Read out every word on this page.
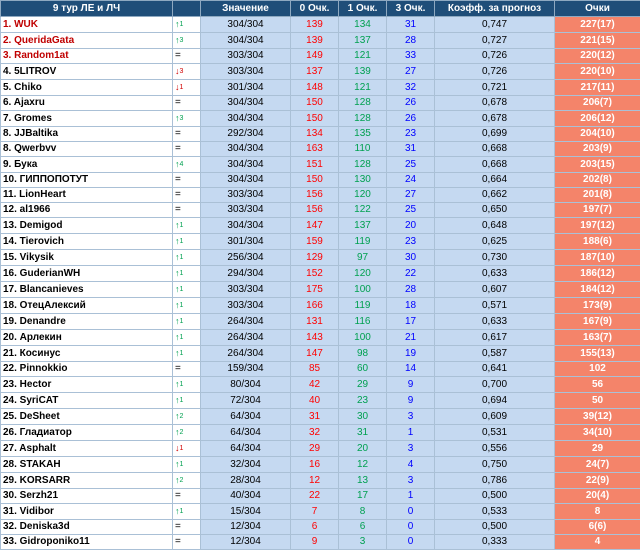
9 тур ЛЕ и ЛЧ		Значение	0 Очк.	1 Очк.	3 Очк.	Коэфф. за прогноз	Очки
1. WUK	↑1	304/304	139	134	31	0,747	227(17)
2. QueridaGata	↑3	304/304	139	137	28	0,727	221(15)
3. Random1at	=	303/304	149	121	33	0,726	220(12)
4. 5LITROV	↓3	303/304	137	139	27	0,726	220(10)
5. Chiko	↓1	301/304	148	121	32	0,721	217(11)
6. Ajaxru	=	304/304	150	128	26	0,678	206(7)
7. Gromes	↑3	304/304	150	128	26	0,678	206(12)
8. JJBaltika	=	292/304	134	135	23	0,699	204(10)
8. Qwerbvv	=	304/304	163	110	31	0,668	203(9)
9. Бука	↑4	304/304	151	128	25	0,668	203(15)
10. ГИППОПОТУТ	=	304/304	150	130	24	0,664	202(8)
11. LionHeart	=	303/304	156	120	27	0,662	201(8)
12. al1966	=	303/304	156	122	25	0,650	197(7)
13. Demigod	↑1	304/304	147	137	20	0,648	197(12)
14. Tierovich	↑1	301/304	159	119	23	0,625	188(6)
15. Vikysik	↑1	256/304	129	97	30	0,730	187(10)
16. GuderianWH	↑1	294/304	152	120	22	0,633	186(12)
17. Blancanieves	↑1	303/304	175	100	28	0,607	184(12)
18. ОтецАлексий	↑1	303/304	166	119	18	0,571	173(9)
19. Denandre	↑1	264/304	131	116	17	0,633	167(9)
20. Арлекин	↑1	264/304	143	100	21	0,617	163(7)
21. Косинус	↑1	264/304	147	98	19	0,587	155(13)
22. Pinnokkio	=	159/304	85	60	14	0,641	102
23. Hector	↑1	80/304	42	29	9	0,700	56
24. SyriCAT	↑1	72/304	40	23	9	0,694	50
25. DeSheet	↑2	64/304	31	30	3	0,609	39(12)
26. Гладиатор	↑2	64/304	32	31	1	0,531	34(10)
27. Asphalt	↓1	64/304	29	20	3	0,556	29
28. STAKAH	↑1	32/304	16	12	4	0,750	24(7)
29. KORSARR	↑2	28/304	12	13	3	0,786	22(9)
30. Serzh21	=	40/304	22	17	1	0,500	20(4)
31. Vidibor	↑1	15/304	7	8	0	0,533	8
32. Deniska3d	=	12/304	6	6	0	0,500	6(6)
33. Gidroponiko11	=	12/304	9	3	0	0,333	4
